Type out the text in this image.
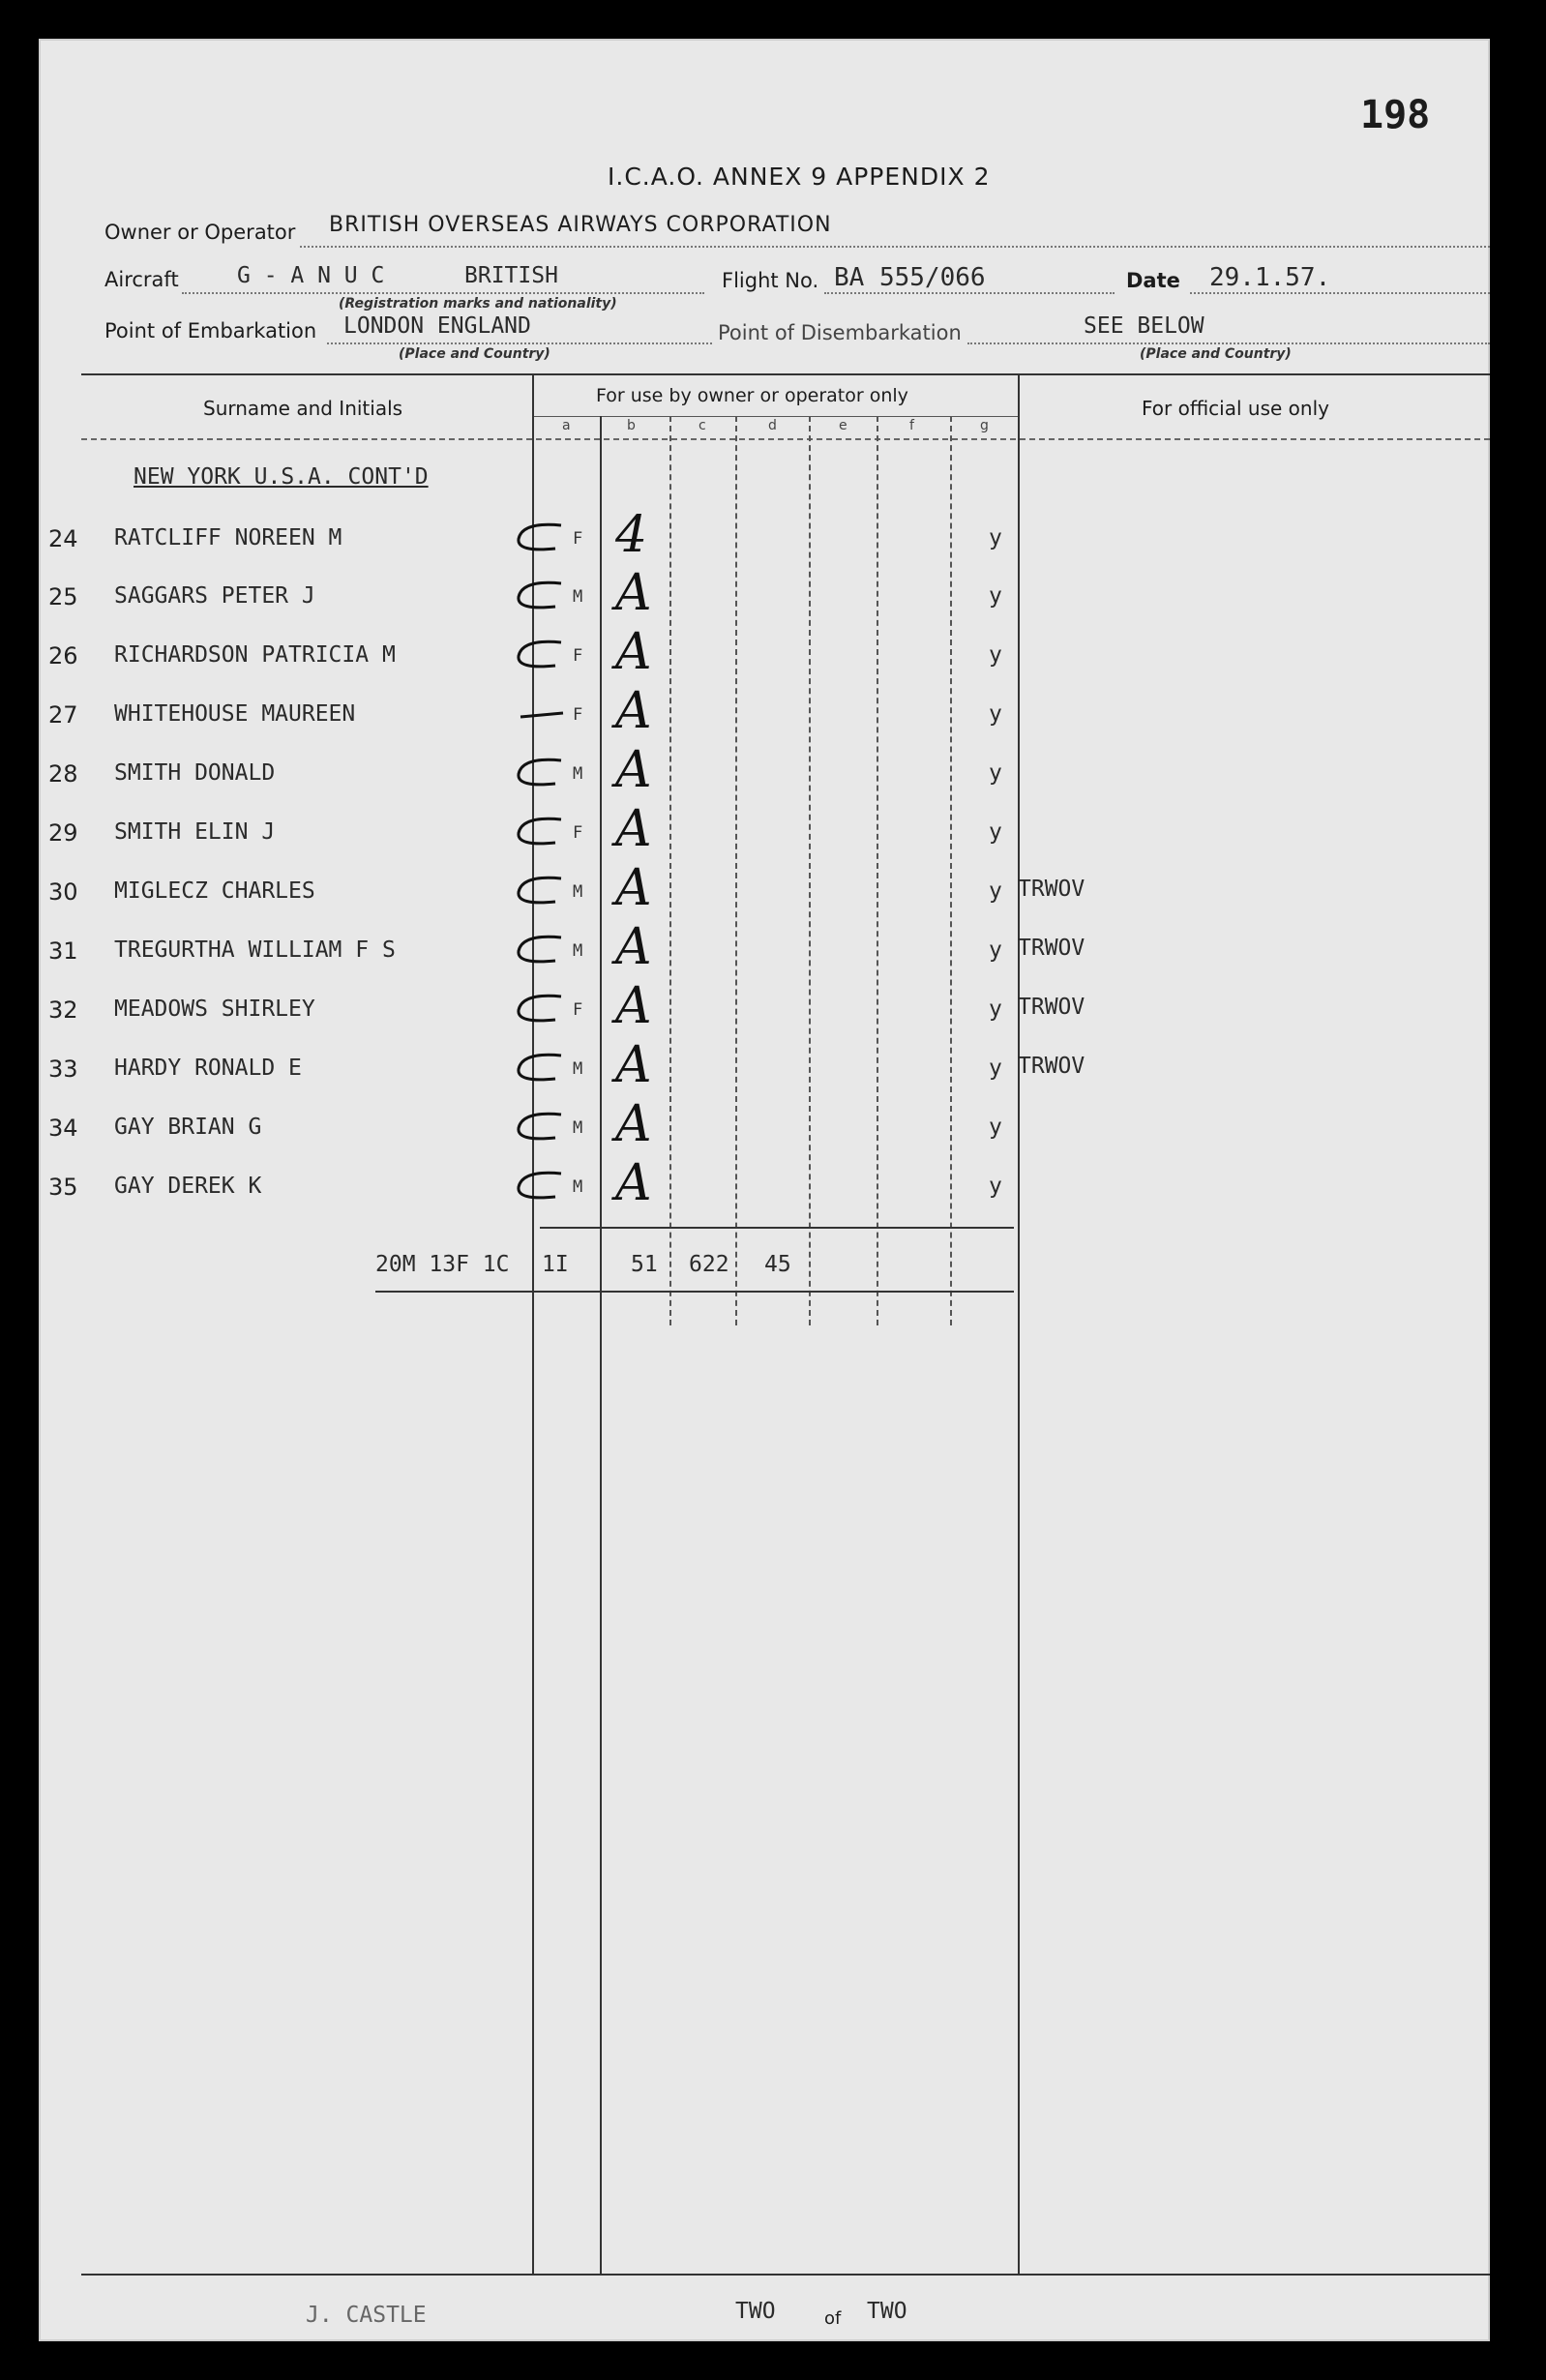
198
I.C.A.O. ANNEX 9 APPENDIX 2
Owner or Operator BRITISH OVERSEAS AIRWAYS CORPORATION
Aircraft	G - A N U C	BRITISH
(Registration marks and nationality)
Flight No. BA 555/066	Date 29.1.57.
Point of Embarkation LONDON ENGLAND
(Place and Country)
Point of Disembarkation	SEE BELOW
(Place and Country)
Surname and Initials
For use by owner or operator only
For official use only
a	b	c	d	e	f	g
NEW YORK U.S.A. CONT'D
24 RATCLIFF NOREEN M	F 4	y
25 SAGGARS PETER J	M A	y
26 RICHARDSON PATRICIA M	F A	y
27 WHITEHOUSE MAUREEN	F A	y
28 SMITH DONALD	M A	y
29 SMITH ELIN J	F A	y
30 MIGLECZ CHARLES	M A	y TRWOV
31 TREGURTHA WILLIAM F S	M A	y TRWOV
32 MEADOWS SHIRLEY	F A	y TRWOV
33 HARDY RONALD E	M A	y TRWOV
34 GAY BRIAN G	M A	y
35 GAY DEREK K	M A	y
20M 13F 1C 1I	51 622 45
J. CASTLE	TWO	of TWO
